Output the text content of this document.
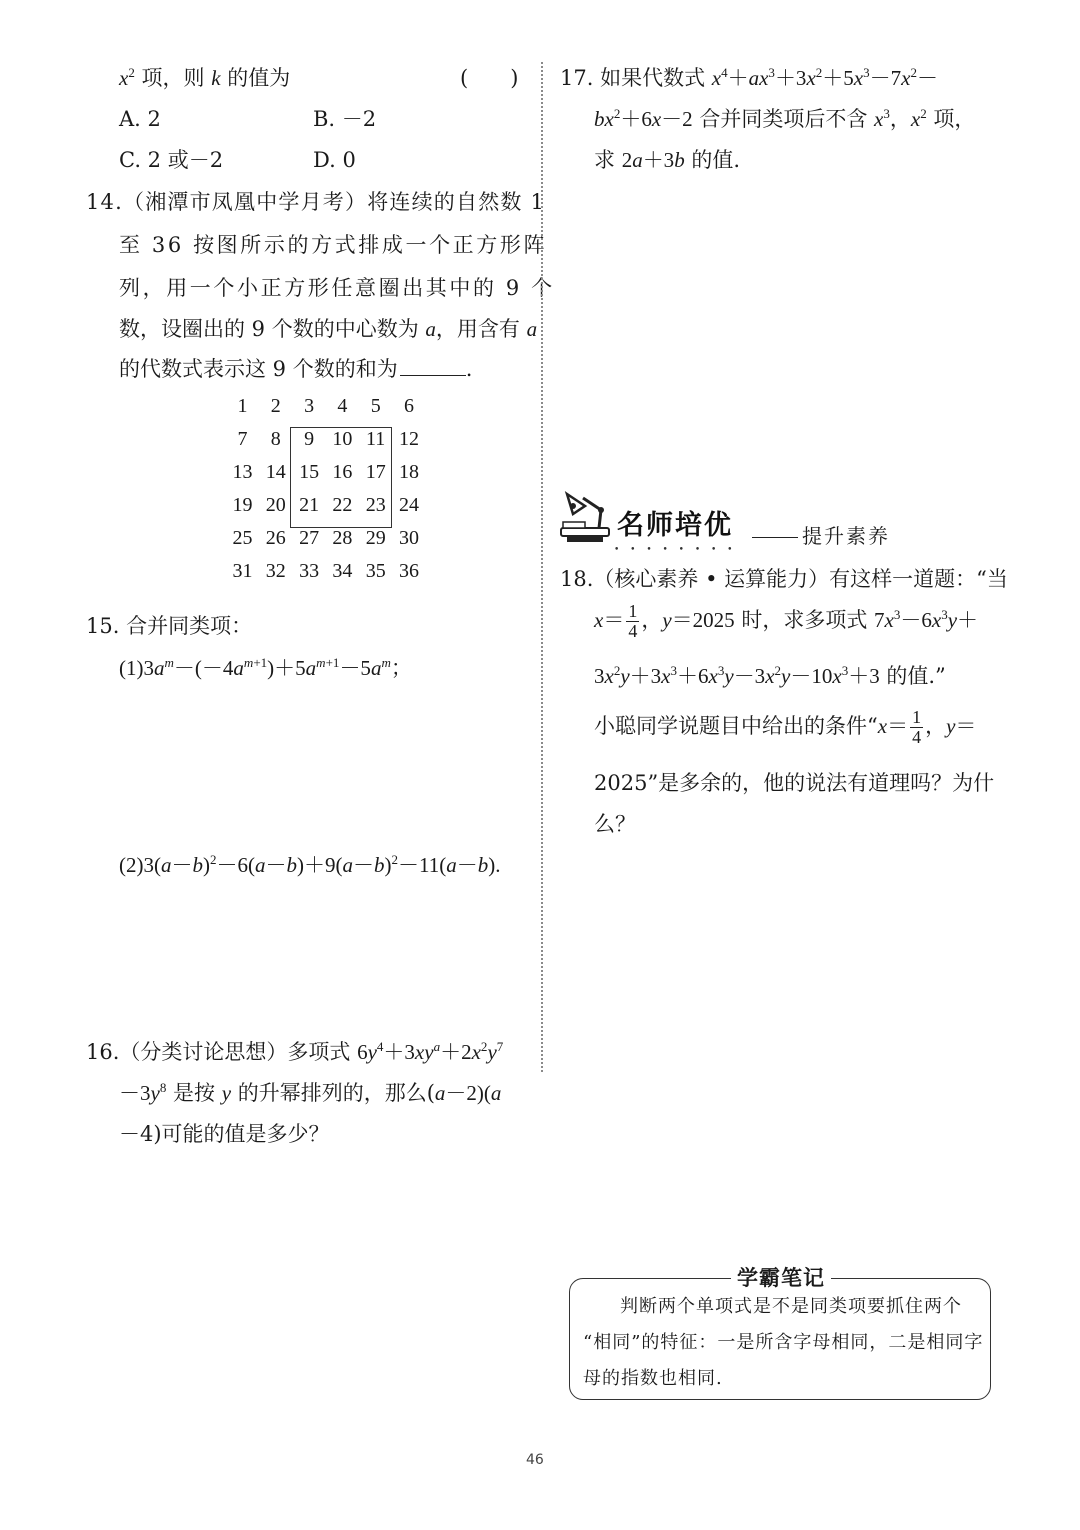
$x^2$ 项，则 k 的值为	(　　)
A. 2	B. －2
C. 2 或－2	D. 0
14.（湘潭市凤凰中学月考）将连续的自然数 1
至 36 按图所示的方式排成一个正方形阵
列，用一个小正方形任意圈出其中的 9 个
数，设圈出的 9 个数的中心数为 a，用含有 a
的代数式表示这 9 个数的和为	.
1	2	3	4	5	6
7	8	9 10 11 12
13 14 15 16 17 18
19 20 21 22 23 24
25 26 27 28 29 30
31 32 33 34 35 36
15. 合并同类项：
$(1)3a^m-(-4a^{m+1})+5a^{m+1}-5a^m$；
$(2)3(a-b)^2-6(a-b)+9(a-b)^2-11(a-b)$.
16.（分类讨论思想）多项式 $6y^4+3xy^a+2x^2y^7$
$-3y^8$ 是按 y 的升幂排列的，那么(a－2)(a
－4)可能的值是多少？
17. 如果代数式 $x^4+ax^3+3x^2+5x^3-7x^2-$
$bx^2+6x-2$ 合并同类项后不含 $x^3$，$x^2$ 项，
求 2a＋3b 的值.
名师培优
• • • • • • • •
提升素养
18.（核心素养 • 运算能力）有这样一道题：“当
$x= \frac{1}{4}$ ，y＝2025 时，求多项式 $7x^3-6x^3y+$
$3x^2y+3x^3+6x^3y-3x^2y-10x^3+3$ 的值.”
小聪同学说题目中给出的条件“$x= \frac{1}{4}$ ，y＝
2025”是多余的，他的说法有道理吗？为什
么？
学霸笔记
判断两个单项式是不是同类项要抓住两个
“相同”的特征：一是所含字母相同，二是相同字
母的指数也相同.
46
